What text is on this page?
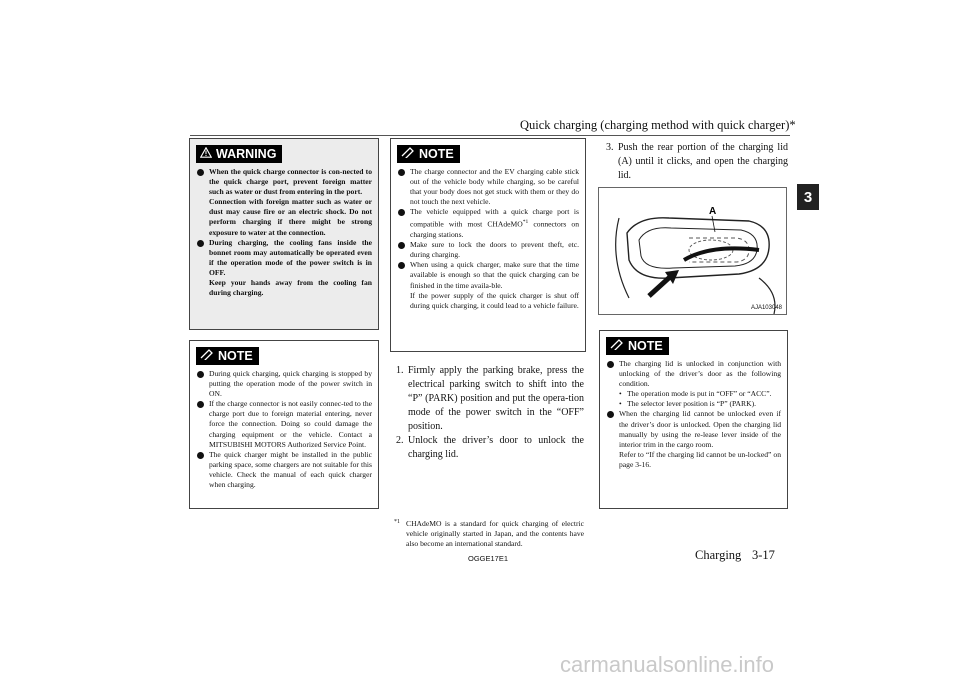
Quick charging (charging method with quick charger)*
3
WARNING
When the quick charge connector is con-nected to the quick charge port, prevent foreign matter such as water or dust from entering in the port.
Connection with foreign matter such as water or dust may cause fire or an electric shock. Do not perform charging if there might be strong exposure to water at the connection.
During charging, the cooling fans inside the bonnet room may automatically be operated even if the operation mode of the power switch is in OFF.
Keep your hands away from the cooling fan during charging.
NOTE
During quick charging, quick charging is stopped by putting the operation mode of the power switch in ON.
If the charge connector is not easily connec-ted to the charge port due to foreign material entering, never force the connection. Doing so could damage the charging equipment or the vehicle. Contact a MITSUBISHI MOTORS Authorized Service Point.
The quick charger might be installed in the public parking space, some chargers are not suitable for this vehicle. Check the manual of each quick charger when charging.
NOTE
The charge connector and the EV charging cable stick out of the vehicle body while charging, so be careful that your body does not get stuck with them or they do not touch the next vehicle.
The vehicle equipped with a quick charge port is compatible with most CHAdeMO$^{*1}$ connectors on charging stations.
Make sure to lock the doors to prevent theft, etc. during charging.
When using a quick charger, make sure that the time available is enough so that the quick charging can be finished in the time availa-ble.
If the power supply of the quick charger is shut off during quick charging, it could lead to a vehicle failure.
1. Firmly apply the parking brake, press the electrical parking switch to shift into the “P” (PARK) position and put the opera-tion mode of the power switch in the “OFF” position.
2. Unlock the driver’s door to unlock the charging lid.
3. Push the rear portion of the charging lid (A) until it clicks, and open the charging lid.
A
AJA103048
NOTE
The charging lid is unlocked in conjunction with unlocking of the driver’s door as the following condition.
• The operation mode is put in “OFF” or “ACC”.
• The selector lever position is “P” (PARK).
When the charging lid cannot be unlocked even if the driver’s door is unlocked. Open the charging lid manually by using the re-lease lever inside of the interior trim in the cargo room.
Refer to “If the charging lid cannot be un-locked” on page 3-16.
*1 CHAdeMO is a standard for quick charging of electric vehicle originally started in Japan, and the contents have also become an international standard.
OGGE17E1	Charging 3-17
carmanualsonline.info
